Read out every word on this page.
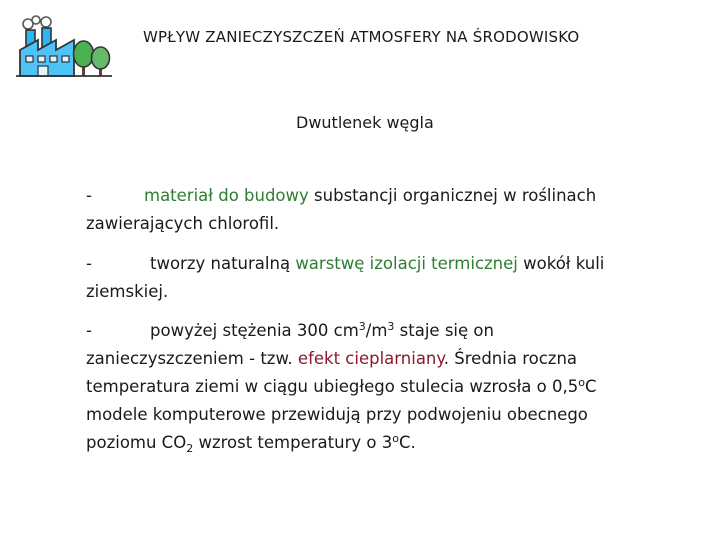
WPŁYW ZANIECZYSZCZEŃ ATMOSFERY NA ŚRODOWISKO
Dwutlenek węgla
-	materiał do budowy substancji organicznej w roślinach
zawierających chlorofil.
-	tworzy naturalną warstwę izolacji termicznej wokół kuli
ziemskiej.
-	powyżej stężenia 300 $cm^3/m^3$ staje się on
zanieczyszczeniem - tzw. efekt cieplarniany. Średnia roczna
temperatura ziemi w ciągu ubiegłego stulecia wzrosła o 0,5$^o$C
modele komputerowe przewidują przy podwojeniu obecnego
poziomu $CO_2$ wzrost temperatury o 3$^o$C.
